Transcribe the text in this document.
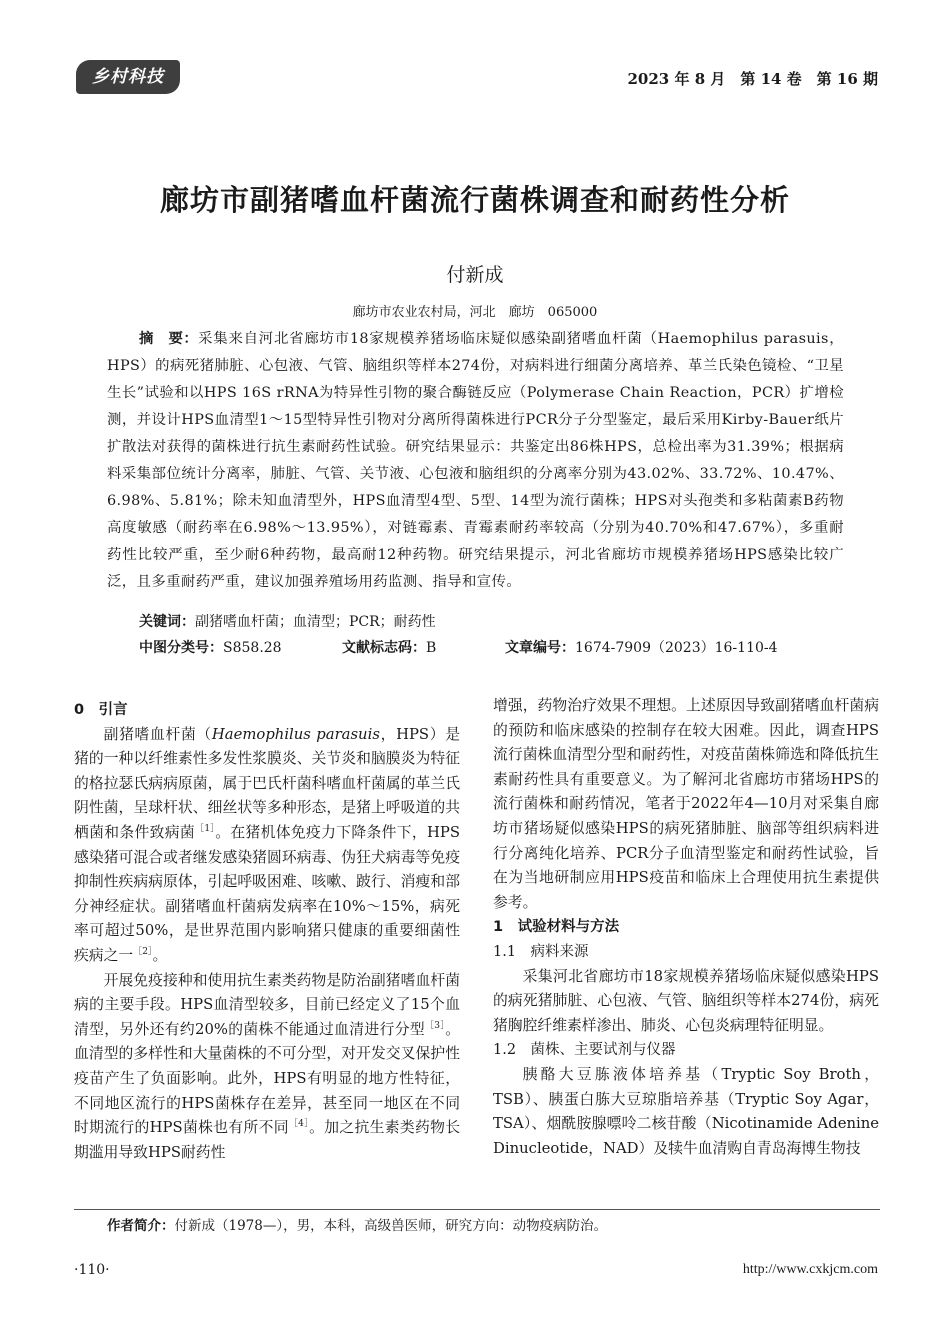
乡村科技	2023 年 8 月　第 14 卷　第 16 期
廊坊市副猪嗜血杆菌流行菌株调查和耐药性分析
付新成
廊坊市农业农村局，河北　廊坊　065000
摘　要：采集来自河北省廊坊市18家规模养猪场临床疑似感染副猪嗜血杆菌（Haemophilus parasuis，HPS）的病死猪肺脏、心包液、气管、脑组织等样本274份，对病料进行细菌分离培养、革兰氏染色镜检、“卫星生长”试验和以HPS 16S rRNA为特异性引物的聚合酶链反应（Polymerase Chain Reaction，PCR）扩增检测，并设计HPS血清型1～15型特异性引物对分离所得菌株进行PCR分子分型鉴定，最后采用Kirby-Bauer纸片扩散法对获得的菌株进行抗生素耐药性试验。研究结果显示：共鉴定出86株HPS，总检出率为31.39%；根据病料采集部位统计分离率，肺脏、气管、关节液、心包液和脑组织的分离率分别为43.02%、33.72%、10.47%、6.98%、5.81%；除未知血清型外，HPS血清型4型、5型、14型为流行菌株；HPS对头孢类和多粘菌素B药物高度敏感（耐药率在6.98%～13.95%），对链霉素、青霉素耐药率较高（分别为40.70%和47.67%），多重耐药性比较严重，至少耐6种药物，最高耐12种药物。研究结果提示，河北省廊坊市规模养猪场HPS感染比较广泛，且多重耐药严重，建议加强养殖场用药监测、指导和宣传。
关键词：副猪嗜血杆菌；血清型；PCR；耐药性
中图分类号：S858.28	文献标志码：B	文章编号：1674-7909（2023）16-110-4

0　引言

副猪嗜血杆菌（Haemophilus parasuis，HPS）是猪的一种以纤维素性多发性浆膜炎、关节炎和脑膜炎为特征的格拉瑟氏病病原菌，属于巴氏杆菌科嗜血杆菌属的革兰氏阴性菌，呈球杆状、细丝状等多种形态，是猪上呼吸道的共栖菌和条件致病菌$^{[1]}$。在猪机体免疫力下降条件下，HPS感染猪可混合或者继发感染猪圆环病毒、伪狂犬病毒等免疫抑制性疾病病原体，引起呼吸困难、咳嗽、跛行、消瘦和部分神经症状。副猪嗜血杆菌病发病率在10%～15%，病死率可超过50%，是世界范围内影响猪只健康的重要细菌性疾病之一$^{[2]}$。

开展免疫接种和使用抗生素类药物是防治副猪嗜血杆菌病的主要手段。HPS血清型较多，目前已经定义了15个血清型，另外还有约20%的菌株不能通过血清进行分型$^{[3]}$。血清型的多样性和大量菌株的不可分型，对开发交叉保护性疫苗产生了负面影响。此外，HPS有明显的地方性特征，不同地区流行的HPS菌株存在差异，甚至同一地区在不同时期流行的HPS菌株也有所不同$^{[4]}$。加之抗生素类药物长期滥用导致HPS耐药性

增强，药物治疗效果不理想。上述原因导致副猪嗜血杆菌病的预防和临床感染的控制存在较大困难。因此，调查HPS流行菌株血清型分型和耐药性，对疫苗菌株筛选和降低抗生素耐药性具有重要意义。为了解河北省廊坊市猪场HPS的流行菌株和耐药情况，笔者于2022年4—10月对采集自廊坊市猪场疑似感染HPS的病死猪肺脏、脑部等组织病料进行分离纯化培养、PCR分子血清型鉴定和耐药性试验，旨在为当地研制应用HPS疫苗和临床上合理使用抗生素提供参考。

1　试验材料与方法

1.1　病料来源

采集河北省廊坊市18家规模养猪场临床疑似感染HPS的病死猪肺脏、心包液、气管、脑组织等样本274份，病死猪胸腔纤维素样渗出、肺炎、心包炎病理特征明显。

1.2　菌株、主要试剂与仪器

胰酪大豆胨液体培养基（Tryptic Soy Broth，TSB）、胰蛋白胨大豆琼脂培养基（Tryptic Soy Agar，TSA）、烟酰胺腺嘌呤二核苷酸（Nicotinamide Adenine Dinucleotide，NAD）及犊牛血清购自青岛海博生物技

作者简介：付新成（1978—），男，本科，高级兽医师，研究方向：动物疫病防治。
·110·	http://www.cxkjcm.com
